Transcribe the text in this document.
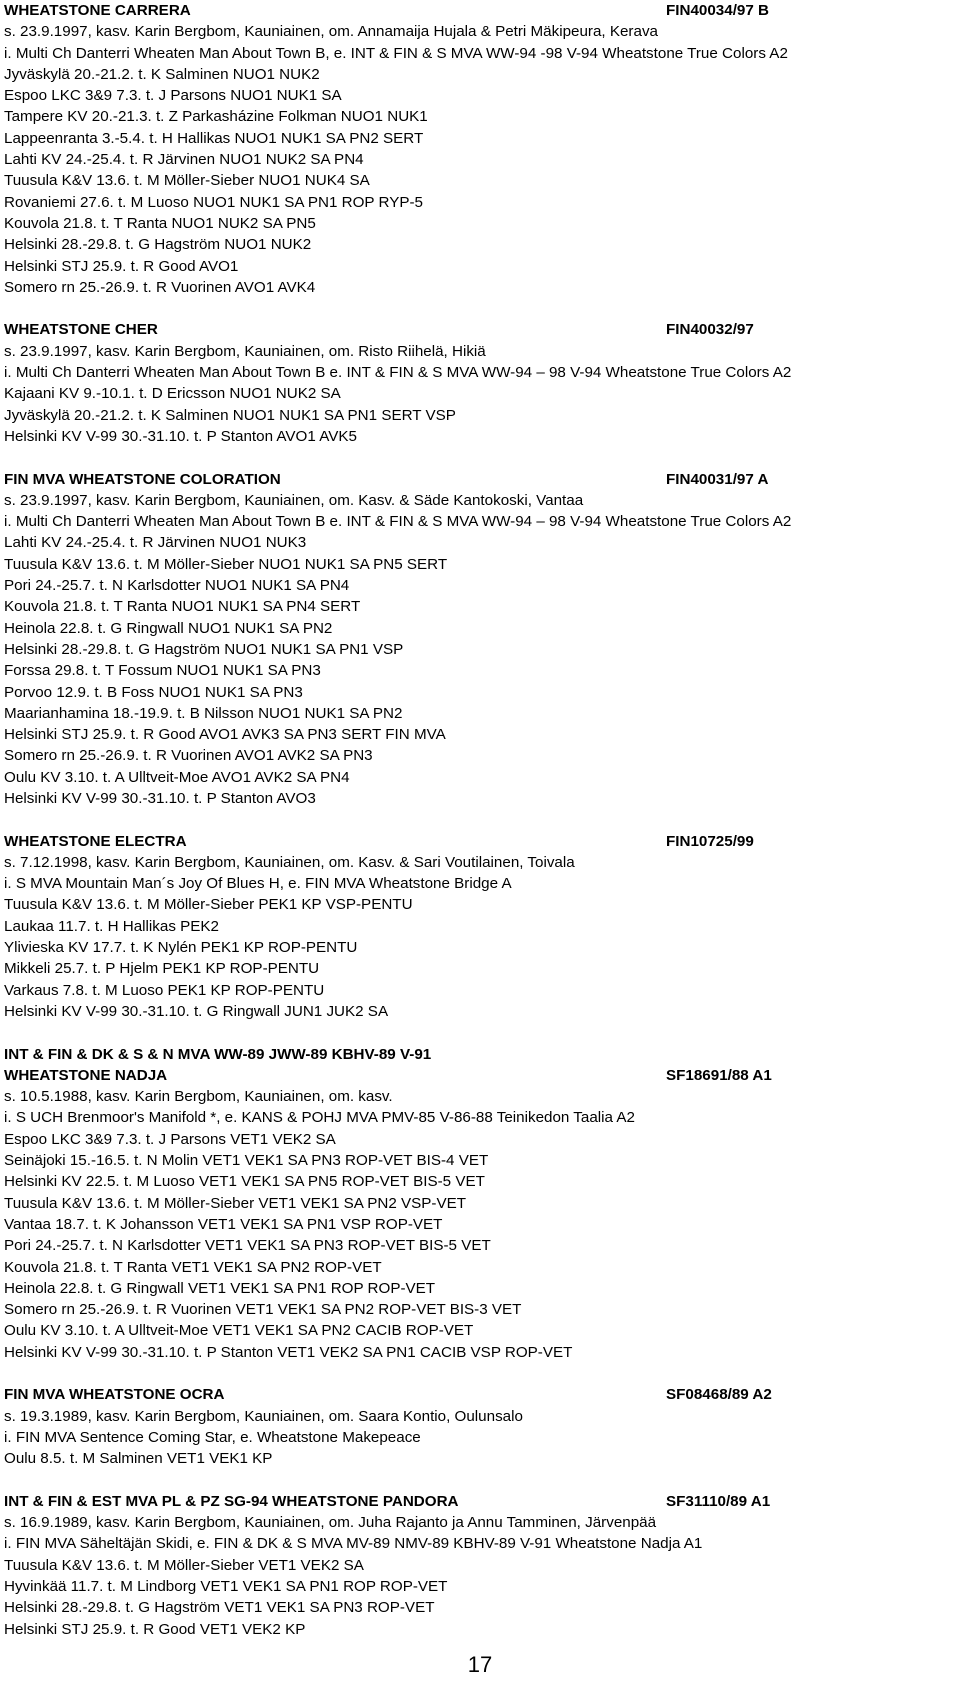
WHEATSTONE CARRERA	FIN40034/97 B
s. 23.9.1997, kasv. Karin Bergbom, Kauniainen, om. Annamaija Hujala & Petri Mäkipeura, Kerava
i. Multi Ch Danterri Wheaten Man About Town B, e. INT & FIN & S MVA WW-94 -98 V-94 Wheatstone True Colors A2
Jyväskylä 20.-21.2. t. K Salminen NUO1 NUK2
Espoo LKC 3&9 7.3. t. J Parsons NUO1 NUK1 SA
Tampere KV 20.-21.3. t. Z Parkasházine Folkman NUO1 NUK1
Lappeenranta 3.-5.4. t. H Hallikas NUO1 NUK1 SA PN2 SERT
Lahti KV 24.-25.4. t. R Järvinen NUO1 NUK2 SA PN4
Tuusula K&V 13.6. t. M Möller-Sieber NUO1 NUK4 SA
Rovaniemi 27.6. t. M Luoso NUO1 NUK1 SA PN1 ROP RYP-5
Kouvola 21.8. t. T Ranta NUO1 NUK2 SA PN5
Helsinki 28.-29.8. t. G Hagström NUO1 NUK2
Helsinki STJ 25.9. t. R Good AVO1
Somero rn 25.-26.9. t. R Vuorinen AVO1 AVK4
WHEATSTONE CHER	FIN40032/97
s. 23.9.1997, kasv. Karin Bergbom, Kauniainen, om. Risto Riihelä, Hikiä
i. Multi Ch Danterri Wheaten Man About Town B e. INT & FIN & S MVA WW-94 – 98 V-94 Wheatstone True Colors A2
Kajaani KV 9.-10.1. t. D Ericsson NUO1 NUK2 SA
Jyväskylä 20.-21.2. t. K Salminen NUO1 NUK1 SA PN1 SERT VSP
Helsinki KV V-99 30.-31.10. t. P Stanton AVO1 AVK5
FIN MVA WHEATSTONE COLORATION	FIN40031/97 A
s. 23.9.1997, kasv. Karin Bergbom, Kauniainen, om. Kasv. & Säde Kantokoski, Vantaa
i. Multi Ch Danterri Wheaten Man About Town B e. INT & FIN & S MVA WW-94 – 98 V-94 Wheatstone True Colors A2
Lahti KV 24.-25.4. t. R Järvinen NUO1 NUK3
Tuusula K&V 13.6. t. M Möller-Sieber NUO1 NUK1 SA PN5 SERT
Pori 24.-25.7. t. N Karlsdotter NUO1 NUK1 SA PN4
Kouvola 21.8. t. T Ranta NUO1 NUK1 SA PN4 SERT
Heinola 22.8. t. G Ringwall NUO1 NUK1 SA PN2
Helsinki 28.-29.8. t. G Hagström NUO1 NUK1 SA PN1 VSP
Forssa 29.8. t. T Fossum NUO1 NUK1 SA PN3
Porvoo 12.9. t. B Foss NUO1 NUK1 SA PN3
Maarianhamina 18.-19.9. t. B Nilsson NUO1 NUK1 SA PN2
Helsinki STJ 25.9. t. R Good AVO1 AVK3 SA PN3 SERT FIN MVA
Somero rn 25.-26.9. t. R Vuorinen AVO1 AVK2 SA PN3
Oulu KV 3.10. t. A Ulltveit-Moe AVO1 AVK2 SA PN4
Helsinki KV V-99 30.-31.10. t. P Stanton AVO3
WHEATSTONE ELECTRA	FIN10725/99
s. 7.12.1998, kasv. Karin Bergbom, Kauniainen, om. Kasv. & Sari Voutilainen, Toivala
i. S MVA Mountain Man´s Joy Of Blues H, e. FIN MVA Wheatstone Bridge A
Tuusula K&V 13.6. t. M Möller-Sieber PEK1 KP VSP-PENTU
Laukaa 11.7. t. H Hallikas PEK2
Ylivieska KV 17.7. t. K Nylén PEK1 KP ROP-PENTU
Mikkeli 25.7. t. P Hjelm PEK1 KP ROP-PENTU
Varkaus 7.8. t. M Luoso PEK1 KP ROP-PENTU
Helsinki KV V-99 30.-31.10. t. G Ringwall JUN1 JUK2 SA
INT & FIN & DK & S & N MVA WW-89 JWW-89 KBHV-89 V-91
WHEATSTONE NADJA	SF18691/88 A1
s. 10.5.1988, kasv. Karin Bergbom, Kauniainen, om. kasv.
i. S UCH Brenmoor's Manifold *, e. KANS & POHJ MVA PMV-85 V-86-88 Teinikedon Taalia A2
Espoo LKC 3&9 7.3. t. J Parsons VET1 VEK2 SA
Seinäjoki 15.-16.5. t. N Molin VET1 VEK1 SA PN3 ROP-VET BIS-4 VET
Helsinki KV 22.5. t. M Luoso VET1 VEK1 SA PN5 ROP-VET BIS-5 VET
Tuusula K&V 13.6. t. M Möller-Sieber VET1 VEK1 SA PN2 VSP-VET
Vantaa 18.7. t. K Johansson VET1 VEK1 SA PN1 VSP ROP-VET
Pori 24.-25.7. t. N Karlsdotter VET1 VEK1 SA PN3 ROP-VET BIS-5 VET
Kouvola 21.8. t. T Ranta VET1 VEK1 SA PN2 ROP-VET
Heinola 22.8. t. G Ringwall VET1 VEK1 SA PN1 ROP ROP-VET
Somero rn 25.-26.9. t. R Vuorinen VET1 VEK1 SA PN2 ROP-VET BIS-3 VET
Oulu KV 3.10. t. A Ulltveit-Moe VET1 VEK1 SA PN2 CACIB ROP-VET
Helsinki KV V-99 30.-31.10. t. P Stanton VET1 VEK2 SA PN1 CACIB VSP ROP-VET
FIN MVA WHEATSTONE OCRA	SF08468/89 A2
s. 19.3.1989, kasv. Karin Bergbom, Kauniainen, om. Saara Kontio, Oulunsalo
i. FIN MVA Sentence Coming Star, e. Wheatstone Makepeace
Oulu 8.5. t. M Salminen VET1 VEK1 KP
INT & FIN & EST MVA PL & PZ SG-94 WHEATSTONE PANDORA	SF31110/89 A1
s. 16.9.1989, kasv. Karin Bergbom, Kauniainen, om. Juha Rajanto ja Annu Tamminen, Järvenpää
i. FIN MVA Säheltäjän Skidi, e. FIN & DK & S MVA MV-89 NMV-89 KBHV-89 V-91 Wheatstone Nadja A1
Tuusula K&V 13.6. t. M Möller-Sieber VET1 VEK2 SA
Hyvinkää 11.7. t. M Lindborg VET1 VEK1 SA PN1 ROP ROP-VET
Helsinki 28.-29.8. t. G Hagström VET1 VEK1 SA PN3 ROP-VET
Helsinki STJ 25.9. t. R Good VET1 VEK2 KP
17
